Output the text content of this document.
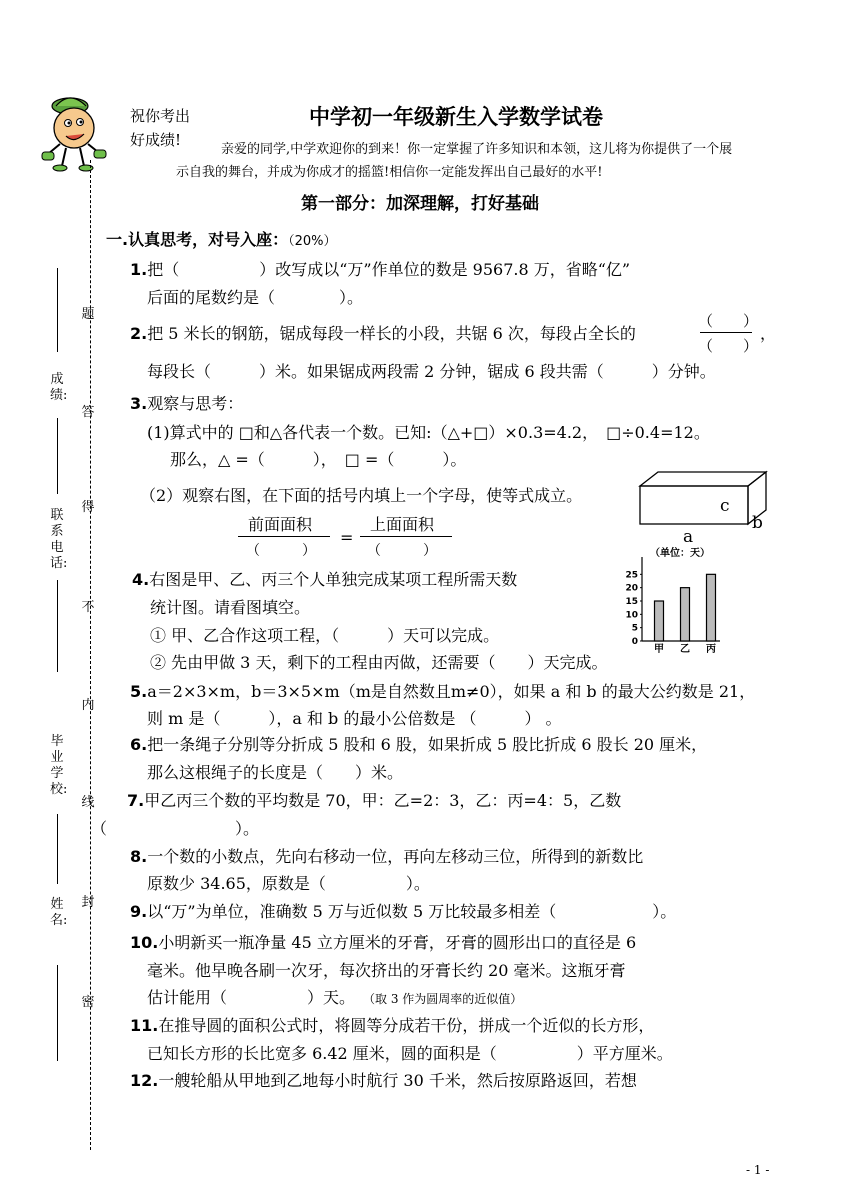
祝你考出
好成绩!
中学初一年级新生入学数学试卷
亲爱的同学,中学欢迎你的到来！你一定掌握了许多知识和本领，这儿将为你提供了一个展
示自我的舞台，并成为你成才的摇篮!相信你一定能发挥出自己最好的水平!
第一部分：加深理解，打好基础
一.认真思考，对号入座：（20%）
成绩:
联系电话:
毕业学校:
姓名:
题
答
得
不
内
线
封
密
1.把（　　　　　）改写成以“万”作单位的数是 9567.8 万，省略“亿”
后面的尾数约是（　　　　）。
2.把 5 米长的钢筋，锯成每段一样长的小段，共锯 6 次，每段占全长的
（　　）
（　　）
，
每段长（　　　）米。如果锯成两段需 2 分钟，锯成 6 段共需（　　　）分钟。
3.观察与思考：
(1)算式中的 □和△各代表一个数。已知:（△+□）×0.3=4.2，　□÷0.4=12。
那么，△ =（　　　），　□ =（　　　）。
（2）观察右图，在下面的括号内填上一个字母，使等式成立。
前面面积
（　　　）
=
上面面积
（　　　）
c
b
a
4.右图是甲、乙、丙三个人单独完成某项工程所需天数
统计图。请看图填空。
① 甲、乙合作这项工程，（　　　）天可以完成。
② 先由甲做 3 天，剩下的工程由丙做，还需要（　　）天完成。
（单位：天）
0
5
10
15
20
25
甲 乙 丙
5.a＝2×3×m，b＝3×5×m（m是自然数且m≠0），如果 a 和 b 的最大公约数是 21，
则 m 是（　　　），a 和 b 的最小公倍数是 （　　　） 。
6.把一条绳子分别等分折成 5 股和 6 股，如果折成 5 股比折成 6 股长 20 厘米，
那么这根绳子的长度是（　　）米。
7.甲乙丙三个数的平均数是 70，甲：乙=2：3，乙：丙=4：5，乙数
（　　　　　　　　）。
8.一个数的小数点，先向右移动一位，再向左移动三位，所得到的新数比
原数少 34.65，原数是（　　　　　）。
9.以“万”为单位，准确数 5 万与近似数 5 万比较最多相差（　　　　　　）。
10.小明新买一瓶净量 45 立方厘米的牙膏，牙膏的圆形出口的直径是 6
毫米。他早晚各刷一次牙，每次挤出的牙膏长约 20 毫米。这瓶牙膏
估计能用（　　　　　）天。 （取 3 作为圆周率的近似值）
11.在推导圆的面积公式时，将圆等分成若干份，拼成一个近似的长方形，
已知长方形的长比宽多 6.42 厘米，圆的面积是（　　　　　）平方厘米。
12.一艘轮船从甲地到乙地每小时航行 30 千米，然后按原路返回，若想
- 1 -
